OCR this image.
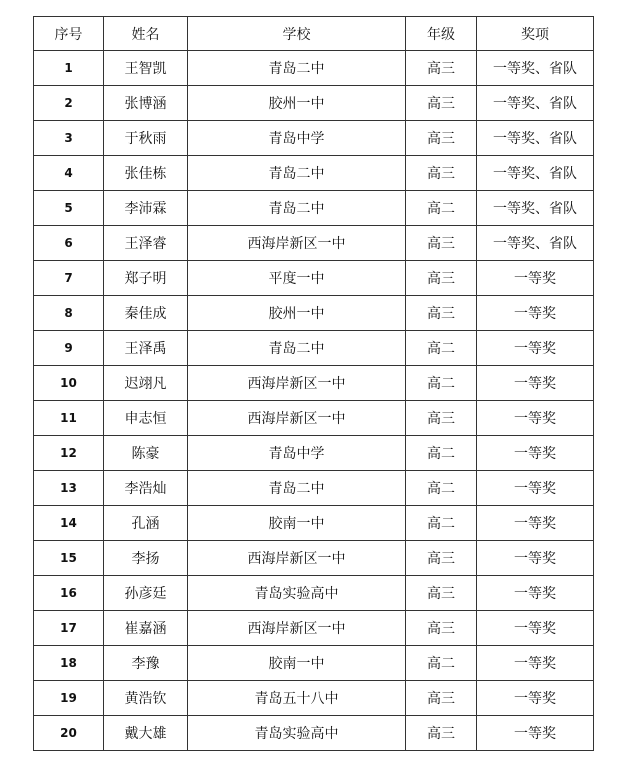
序号	姓名	学校	年级	奖项
1	王智凯	青岛二中	高三	一等奖、省队
2	张博涵	胶州一中	高三	一等奖、省队
3	于秋雨	青岛中学	高三	一等奖、省队
4	张佳栋	青岛二中	高三	一等奖、省队
5	李沛霖	青岛二中	高二	一等奖、省队
6	王泽睿	西海岸新区一中	高三	一等奖、省队
7	郑子明	平度一中	高三	一等奖
8	秦佳成	胶州一中	高三	一等奖
9	王泽禹	青岛二中	高二	一等奖
10	迟翊凡	西海岸新区一中	高二	一等奖
11	申志恒	西海岸新区一中	高三	一等奖
12	陈豪	青岛中学	高二	一等奖
13	李浩灿	青岛二中	高二	一等奖
14	孔涵	胶南一中	高二	一等奖
15	李扬	西海岸新区一中	高三	一等奖
16	孙彦廷	青岛实验高中	高三	一等奖
17	崔嘉涵	西海岸新区一中	高三	一等奖
18	李豫	胶南一中	高二	一等奖
19	黄浩钦	青岛五十八中	高三	一等奖
20	戴大雄	青岛实验高中	高三	一等奖
